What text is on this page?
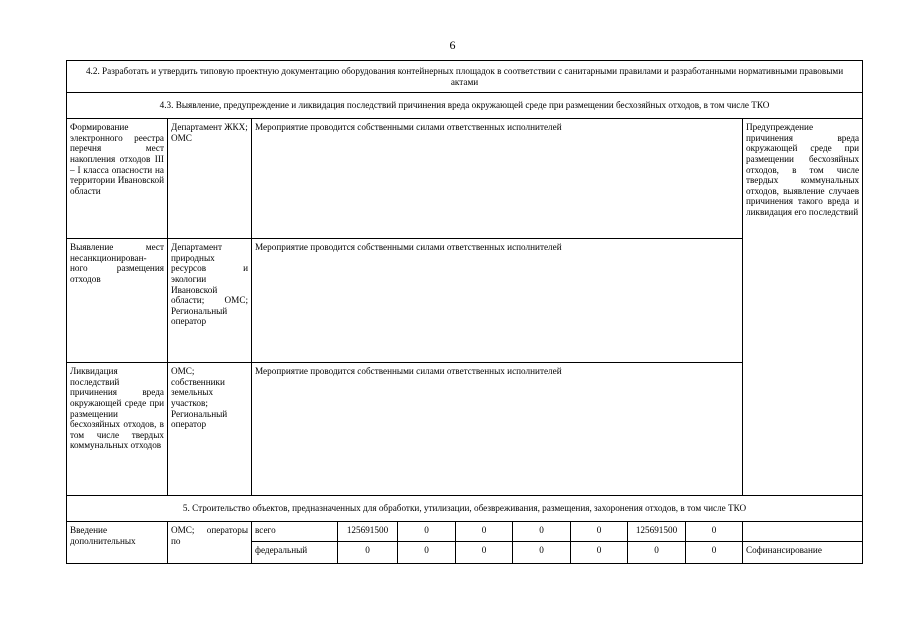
6
4.2. Разработать и утвердить типовую проектную документацию оборудования контейнерных площадок в соответствии с санитарными правилами и разработанными нормативными правовыми актами										
4.3. Выявление, предупреждение и ликвидация последствий причинения вреда окружающей среде при размещении бесхозяйных отходов, в том числе ТКО										
Формирование электронного реестра перечня мест накопления отходов III – I класса опасности на территории Ивановской области	Департамент ЖКХ; ОМС	Мероприятие проводится собственными силами ответственных исполнителей								Предупреждение причинения вреда окружающей среде при размещении бесхозяйных отходов, в том числе твердых коммунальных отходов, выявление случаев причинения такого вреда и ликвидация его последствий
Выявление мест несанкционирован-ного размещения отходов	Департамент природных ресурсов и экологии Ивановской области; ОМС; Региональный оператор	Мероприятие проводится собственными силами ответственных исполнителей								
Ликвидация последствий причинения вреда окружающей среде при размещении бесхозяйных отходов, в том числе твердых коммунальных отходов	ОМС; собственники земельных участков; Региональный оператор	Мероприятие проводится собственными силами ответственных исполнителей								
5. Строительство объектов, предназначенных для обработки, утилизации, обезвреживания, размещения, захоронения отходов, в том числе ТКО										
Введение дополнительных	ОМС; операторы по	всего	125691500	0	0	0	0	125691500	0	
		федеральный	0	0	0	0	0	0	0	Софинансирование
